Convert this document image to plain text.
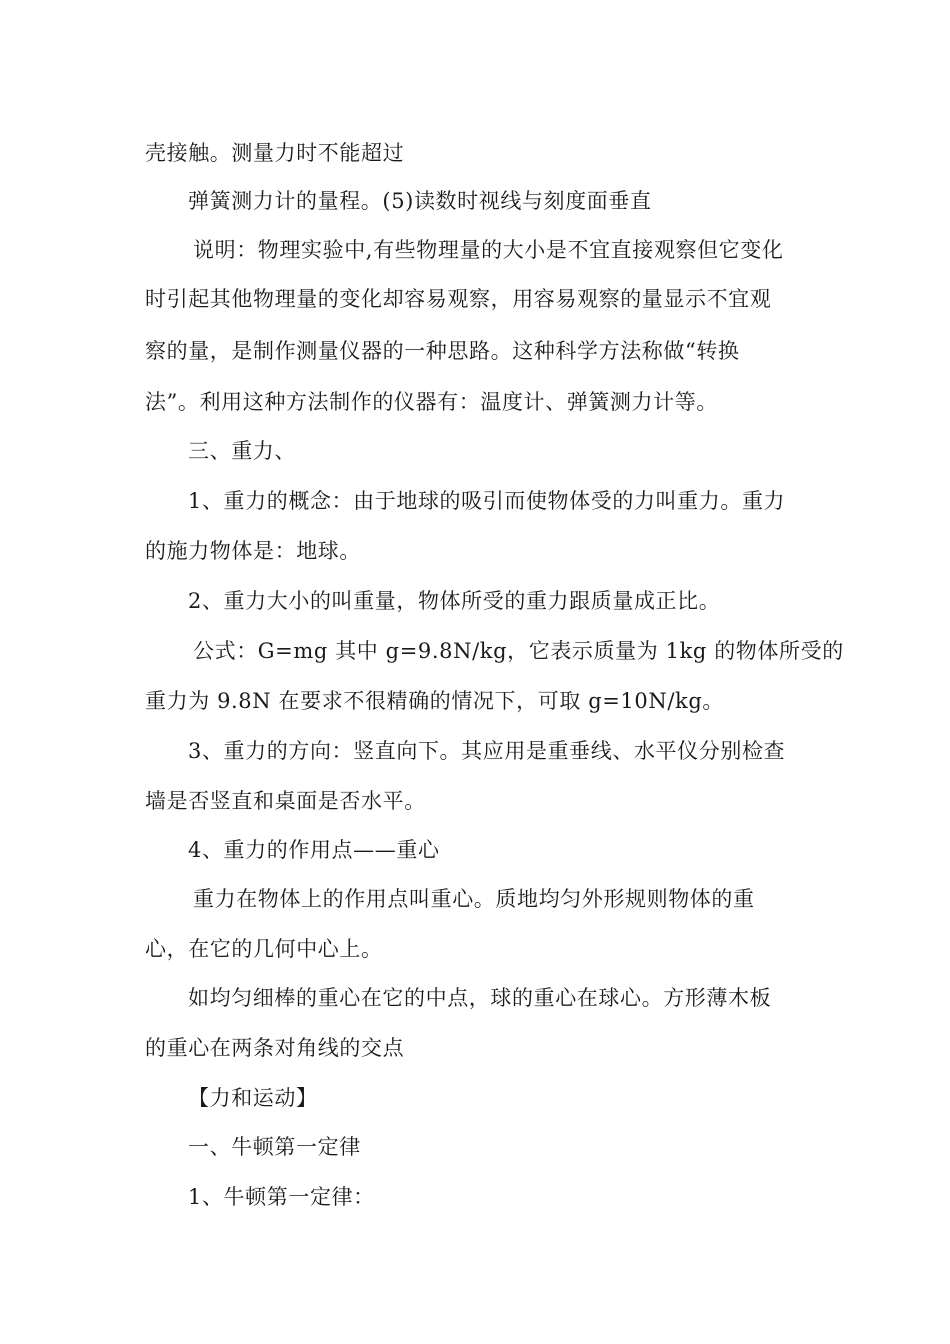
壳接触。测量力时不能超过

弹簧测力计的量程。(5)读数时视线与刻度面垂直

说明：物理实验中,有些物理量的大小是不宜直接观察但它变化

时引起其他物理量的变化却容易观察，用容易观察的量显示不宜观

察的量，是制作测量仪器的一种思路。这种科学方法称做“转换

法”。利用这种方法制作的仪器有：温度计、弹簧测力计等。

三、重力、

1、重力的概念：由于地球的吸引而使物体受的力叫重力。重力

的施力物体是：地球。

2、重力大小的叫重量，物体所受的重力跟质量成正比。

公式：G=mg 其中 g=9.8N/kg，它表示质量为 1kg 的物体所受的

重力为 9.8N 在要求不很精确的情况下，可取 g=10N/kg。

3、重力的方向：竖直向下。其应用是重垂线、水平仪分别检查

墙是否竖直和桌面是否水平。

4、重力的作用点——重心

重力在物体上的作用点叫重心。质地均匀外形规则物体的重

心，在它的几何中心上。

如均匀细棒的重心在它的中点，球的重心在球心。方形薄木板

的重心在两条对角线的交点

【力和运动】

一、牛顿第一定律

1、牛顿第一定律：
